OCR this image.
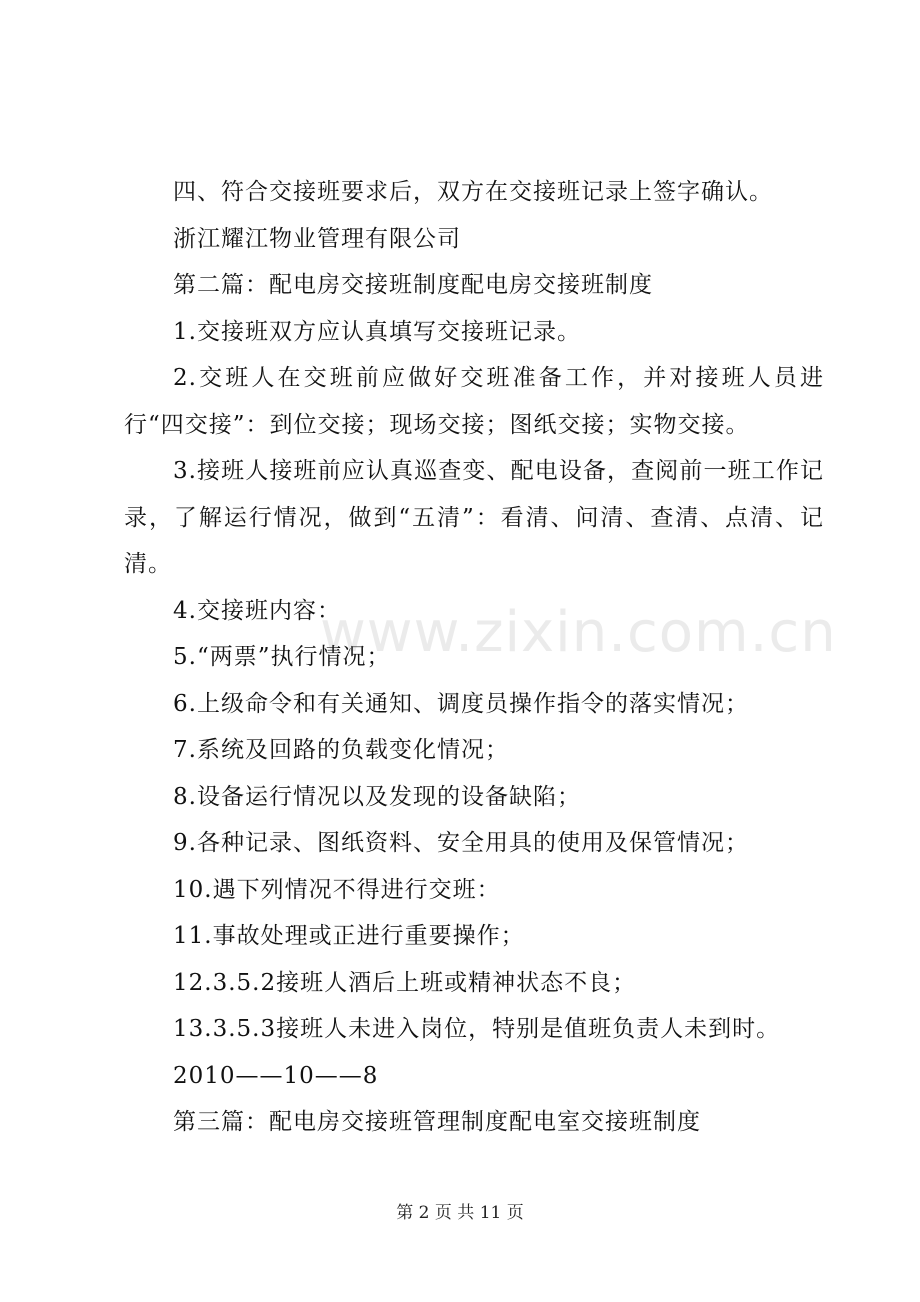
www.zixin.com.cn

四、符合交接班要求后，双方在交接班记录上签字确认。

浙江耀江物业管理有限公司

第二篇：配电房交接班制度配电房交接班制度

1.交接班双方应认真填写交接班记录。

2.交班人在交班前应做好交班准备工作，并对接班人员进行“四交接”：到位交接；现场交接；图纸交接；实物交接。

3.接班人接班前应认真巡查变、配电设备，查阅前一班工作记录，了解运行情况，做到“五清”：看清、问清、查清、点清、记清。

4.交接班内容：

5.“两票”执行情况；

6.上级命令和有关通知、调度员操作指令的落实情况；

7.系统及回路的负载变化情况；

8.设备运行情况以及发现的设备缺陷；

9.各种记录、图纸资料、安全用具的使用及保管情况；

10.遇下列情况不得进行交班：

11.事故处理或正进行重要操作；

12.3.5.2接班人酒后上班或精神状态不良；

13.3.5.3接班人未进入岗位，特别是值班负责人未到时。

2010——10——8

第三篇：配电房交接班管理制度配电室交接班制度

第 2 页 共 11 页
